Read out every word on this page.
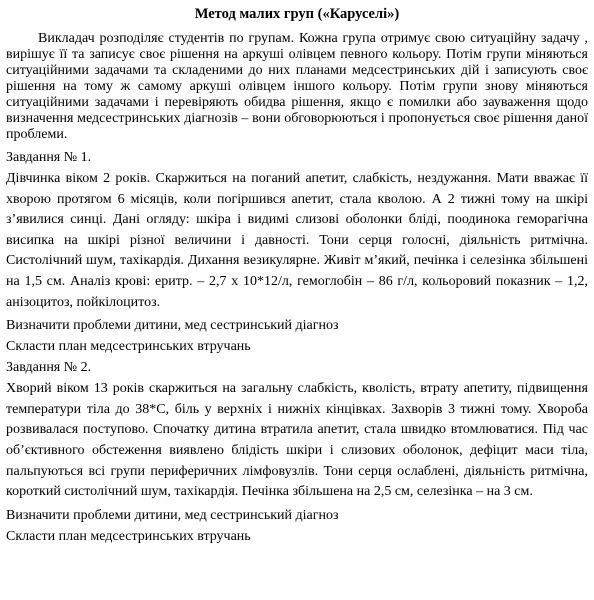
Метод малих груп («Каруселі»)

Викладач розподіляє студентів по групам. Кожна група отримує свою ситуаційну задачу , вирішує її та записує своє рішення на аркуші олівцем певного кольору. Потім групи міняються ситуаційними задачами та складеними до них планами медсестринських дій і записують своє рішення на тому ж самому аркуші олівцем іншого кольору. Потім групи знову міняються ситуаційними задачами і перевіряють обидва рішення, якщо є помилки або зауваження щодо визначення медсестринських діагнозів – вони обговорюються і пропонується своє рішення даної проблеми.

Завдання № 1.
Дівчинка віком 2 років. Скаржиться на поганий апетит, слабкість, нездужання. Мати вважає її хворою протягом 6 місяців, коли погіршився апетит, стала кволою. А 2 тижні тому на шкірі з’явилися синці. Дані огляду: шкіра і видимі слизові оболонки бліді, поодинока геморагічна висипка на шкірі різної величини і давності. Тони серця голосні, діяльність ритмічна. Систолічний шум, тахікардія. Дихання везикулярне. Живіт м’який, печінка і селезінка збільшені на 1,5 см. Аналіз крові: еритр. – 2,7 х 10*12/л, гемоглобін – 86 г/л, кольоровий показник – 1,2, анізоцитоз, пойкілоцитоз.
Визначити проблеми дитини, мед сестринський діагноз
Скласти план медсестринських втручань
Завдання № 2.
Хворий віком 13 років скаржиться на загальну слабкість, кволість, втрату апетиту, підвищення температури тіла до 38*С, біль у верхніх і нижніх кінцівках. Захворів 3 тижні тому. Хвороба розвивалася поступово. Спочатку дитина втратила апетит, стала швидко втомлюватися. Під час об’єктивного обстеження виявлено блідість шкіри і слизових оболонок, дефіцит маси тіла, пальпуються всі групи периферичних лімфовузлів. Тони серця ослаблені, діяльність ритмічна, короткий систолічний шум, тахікардія. Печінка збільшена на 2,5 см, селезінка – на 3 см.
Визначити проблеми дитини, мед сестринський діагноз
Скласти план медсестринських втручань
